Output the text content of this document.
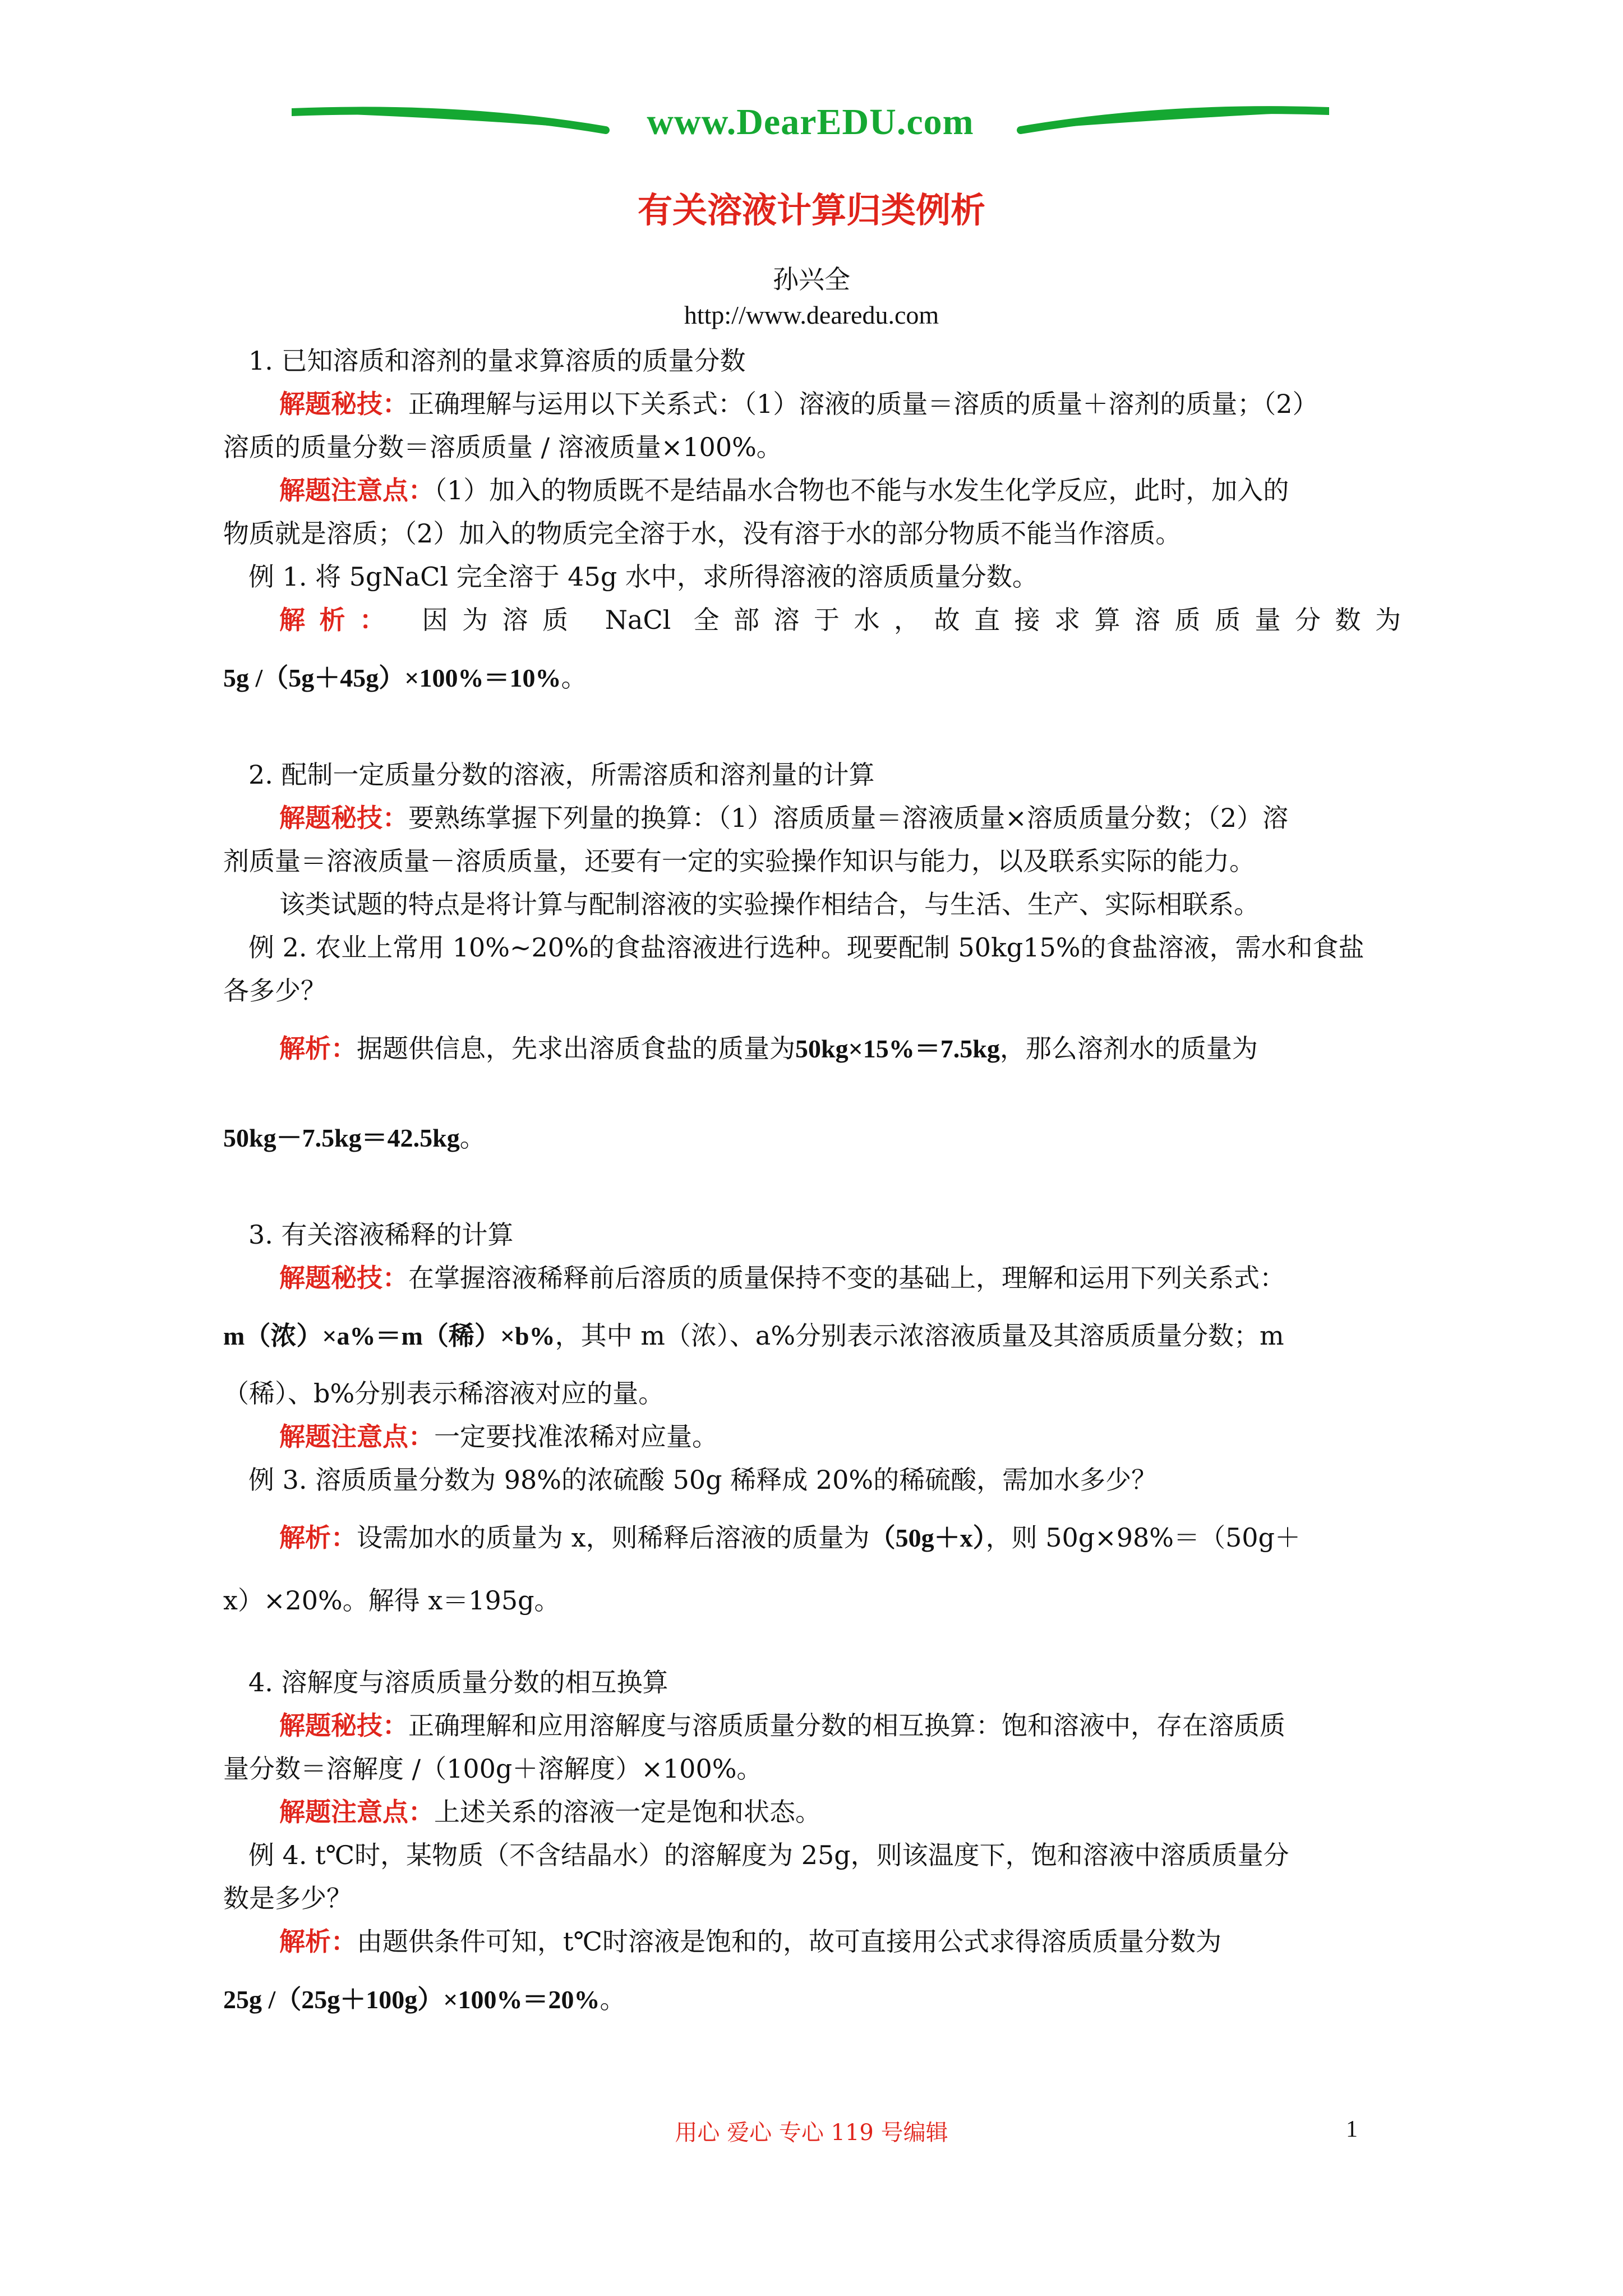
www.DearEDU.com
有关溶液计算归类例析
孙兴全
http://www.dearedu.com
1. 已知溶质和溶剂的量求算溶质的质量分数
解题秘技：正确理解与运用以下关系式：（1）溶液的质量＝溶质的质量＋溶剂的质量；（2）
溶质的质量分数＝溶质质量 / 溶液质量×100%。
解题注意点：（1）加入的物质既不是结晶水合物也不能与水发生化学反应，此时，加入的
物质就是溶质；（2）加入的物质完全溶于水，没有溶于水的部分物质不能当作溶质。
例 1. 将 5gNaCl 完全溶于 45g 水中，求所得溶液的溶质质量分数。
解析： 因为溶质 NaCl 全部溶于水，故直接求算溶质质量分数为
5g /（5g＋45g）×100%＝10%。
2. 配制一定质量分数的溶液，所需溶质和溶剂量的计算
解题秘技：要熟练掌握下列量的换算：（1）溶质质量＝溶液质量×溶质质量分数；（2）溶
剂质量＝溶液质量－溶质质量，还要有一定的实验操作知识与能力，以及联系实际的能力。
该类试题的特点是将计算与配制溶液的实验操作相结合，与生活、生产、实际相联系。
例 2. 农业上常用 10%~20%的食盐溶液进行选种。现要配制 50kg15%的食盐溶液，需水和食盐
各多少？
解析：据题供信息，先求出溶质食盐的质量为50kg×15%＝7.5kg，那么溶剂水的质量为
50kg－7.5kg＝42.5kg。
3. 有关溶液稀释的计算
解题秘技：在掌握溶液稀释前后溶质的质量保持不变的基础上，理解和运用下列关系式：
m（浓）×a%＝m（稀）×b%，其中 m（浓）、a%分别表示浓溶液质量及其溶质质量分数；m
（稀）、b%分别表示稀溶液对应的量。
解题注意点：一定要找准浓稀对应量。
例 3. 溶质质量分数为 98%的浓硫酸 50g 稀释成 20%的稀硫酸，需加水多少？
解析：设需加水的质量为 x，则稀释后溶液的质量为（50g＋x），则 50g×98%＝（50g＋
x）×20%。解得 x＝195g。
4. 溶解度与溶质质量分数的相互换算
解题秘技：正确理解和应用溶解度与溶质质量分数的相互换算：饱和溶液中，存在溶质质
量分数＝溶解度 /（100g＋溶解度）×100%。
解题注意点：上述关系的溶液一定是饱和状态。
例 4. t℃时，某物质（不含结晶水）的溶解度为 25g，则该温度下，饱和溶液中溶质质量分
数是多少？
解析：由题供条件可知，t℃时溶液是饱和的，故可直接用公式求得溶质质量分数为
25g /（25g＋100g）×100%＝20%。
用心 爱心 专心 119 号编辑	1
